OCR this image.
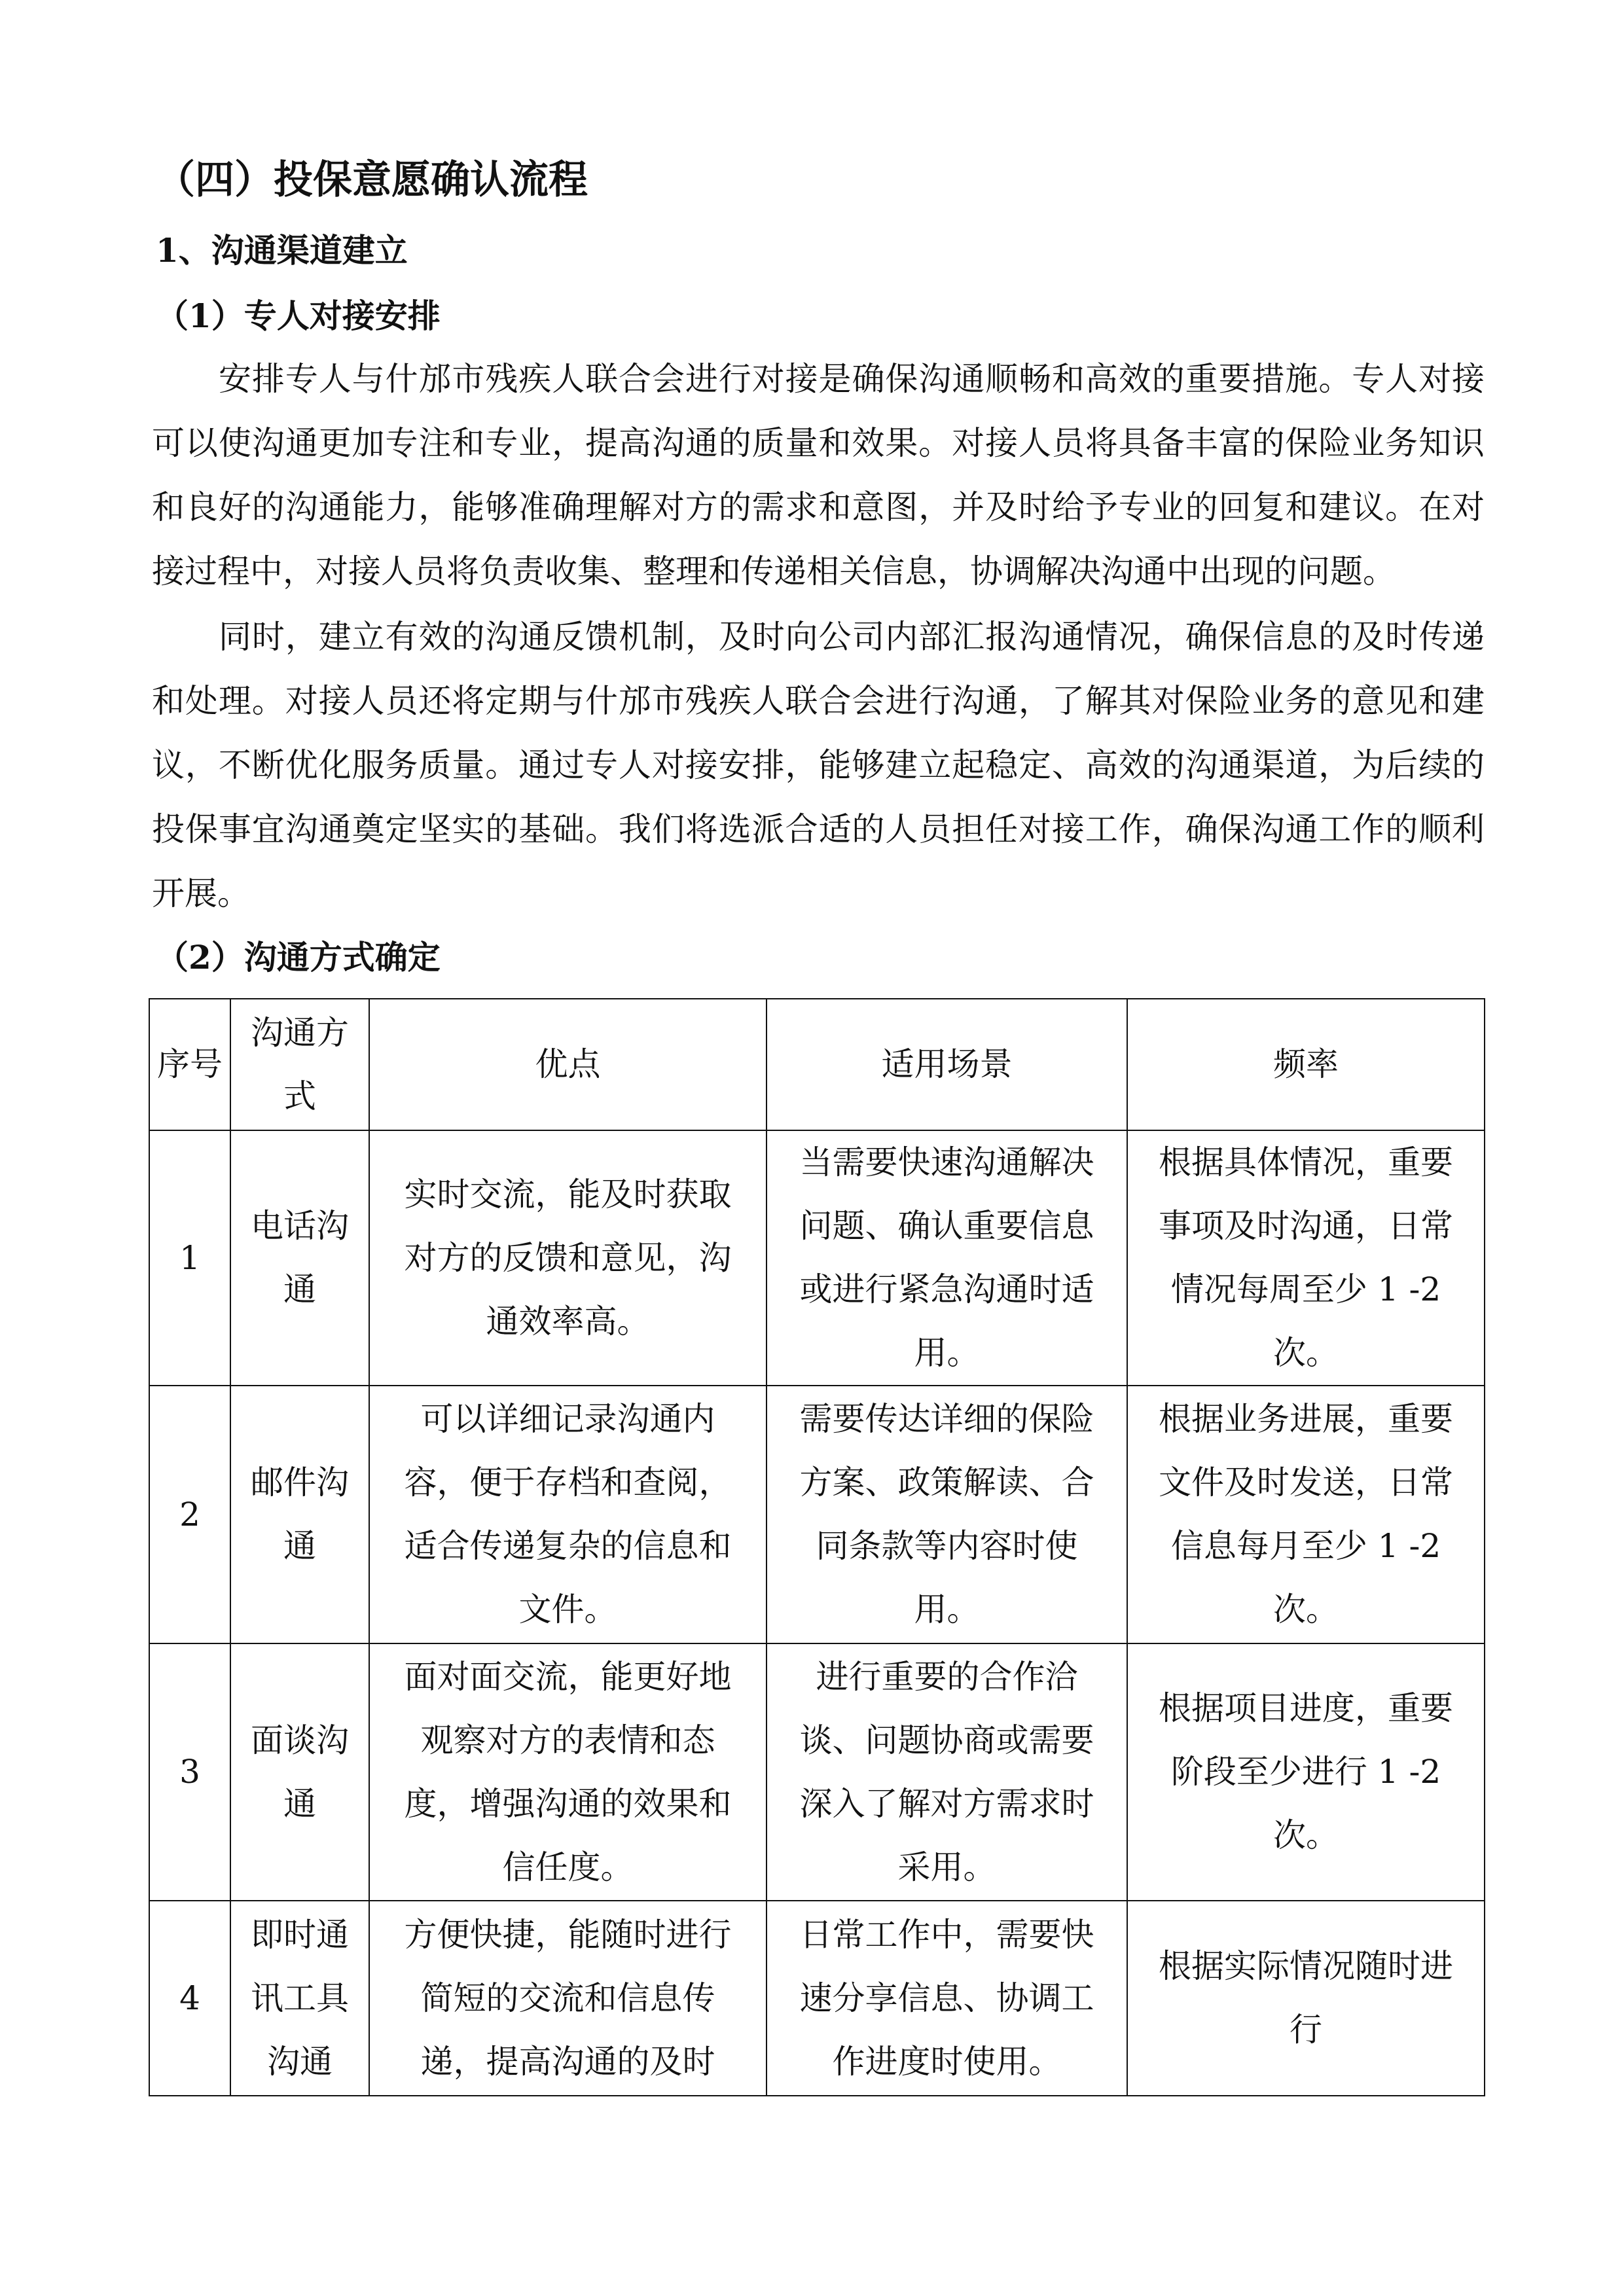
（四）投保意愿确认流程
1、沟通渠道建立
（1）专人对接安排
安排专人与什邡市残疾人联合会进行对接是确保沟通顺畅和高效的重要措施。专人对接可以使沟通更加专注和专业，提高沟通的质量和效果。对接人员将具备丰富的保险业务知识和良好的沟通能力，能够准确理解对方的需求和意图，并及时给予专业的回复和建议。在对接过程中，对接人员将负责收集、整理和传递相关信息，协调解决沟通中出现的问题。
同时，建立有效的沟通反馈机制，及时向公司内部汇报沟通情况，确保信息的及时传递和处理。对接人员还将定期与什邡市残疾人联合会进行沟通，了解其对保险业务的意见和建议，不断优化服务质量。通过专人对接安排，能够建立起稳定、高效的沟通渠道，为后续的投保事宜沟通奠定坚实的基础。我们将选派合适的人员担任对接工作，确保沟通工作的顺利开展。
（2）沟通方式确定
序号	沟通方式	优点	适用场景	频率
1	电话沟通	实时交流，能及时获取对方的反馈和意见，沟通效率高。	当需要快速沟通解决问题、确认重要信息或进行紧急沟通时适用。	根据具体情况，重要事项及时沟通，日常情况每周至少 1 -2 次。
2	邮件沟通	可以详细记录沟通内容，便于存档和查阅，适合传递复杂的信息和文件。	需要传达详细的保险方案、政策解读、合同条款等内容时使用。	根据业务进展，重要文件及时发送，日常信息每月至少 1 -2 次。
3	面谈沟通	面对面交流，能更好地观察对方的表情和态度，增强沟通的效果和信任度。	进行重要的合作洽谈、问题协商或需要深入了解对方需求时采用。	根据项目进度，重要阶段至少进行 1 -2 次。
4	即时通讯工具沟通	方便快捷，能随时进行简短的交流和信息传递，提高沟通的及时	日常工作中，需要快速分享信息、协调工作进度时使用。	根据实际情况随时进行
